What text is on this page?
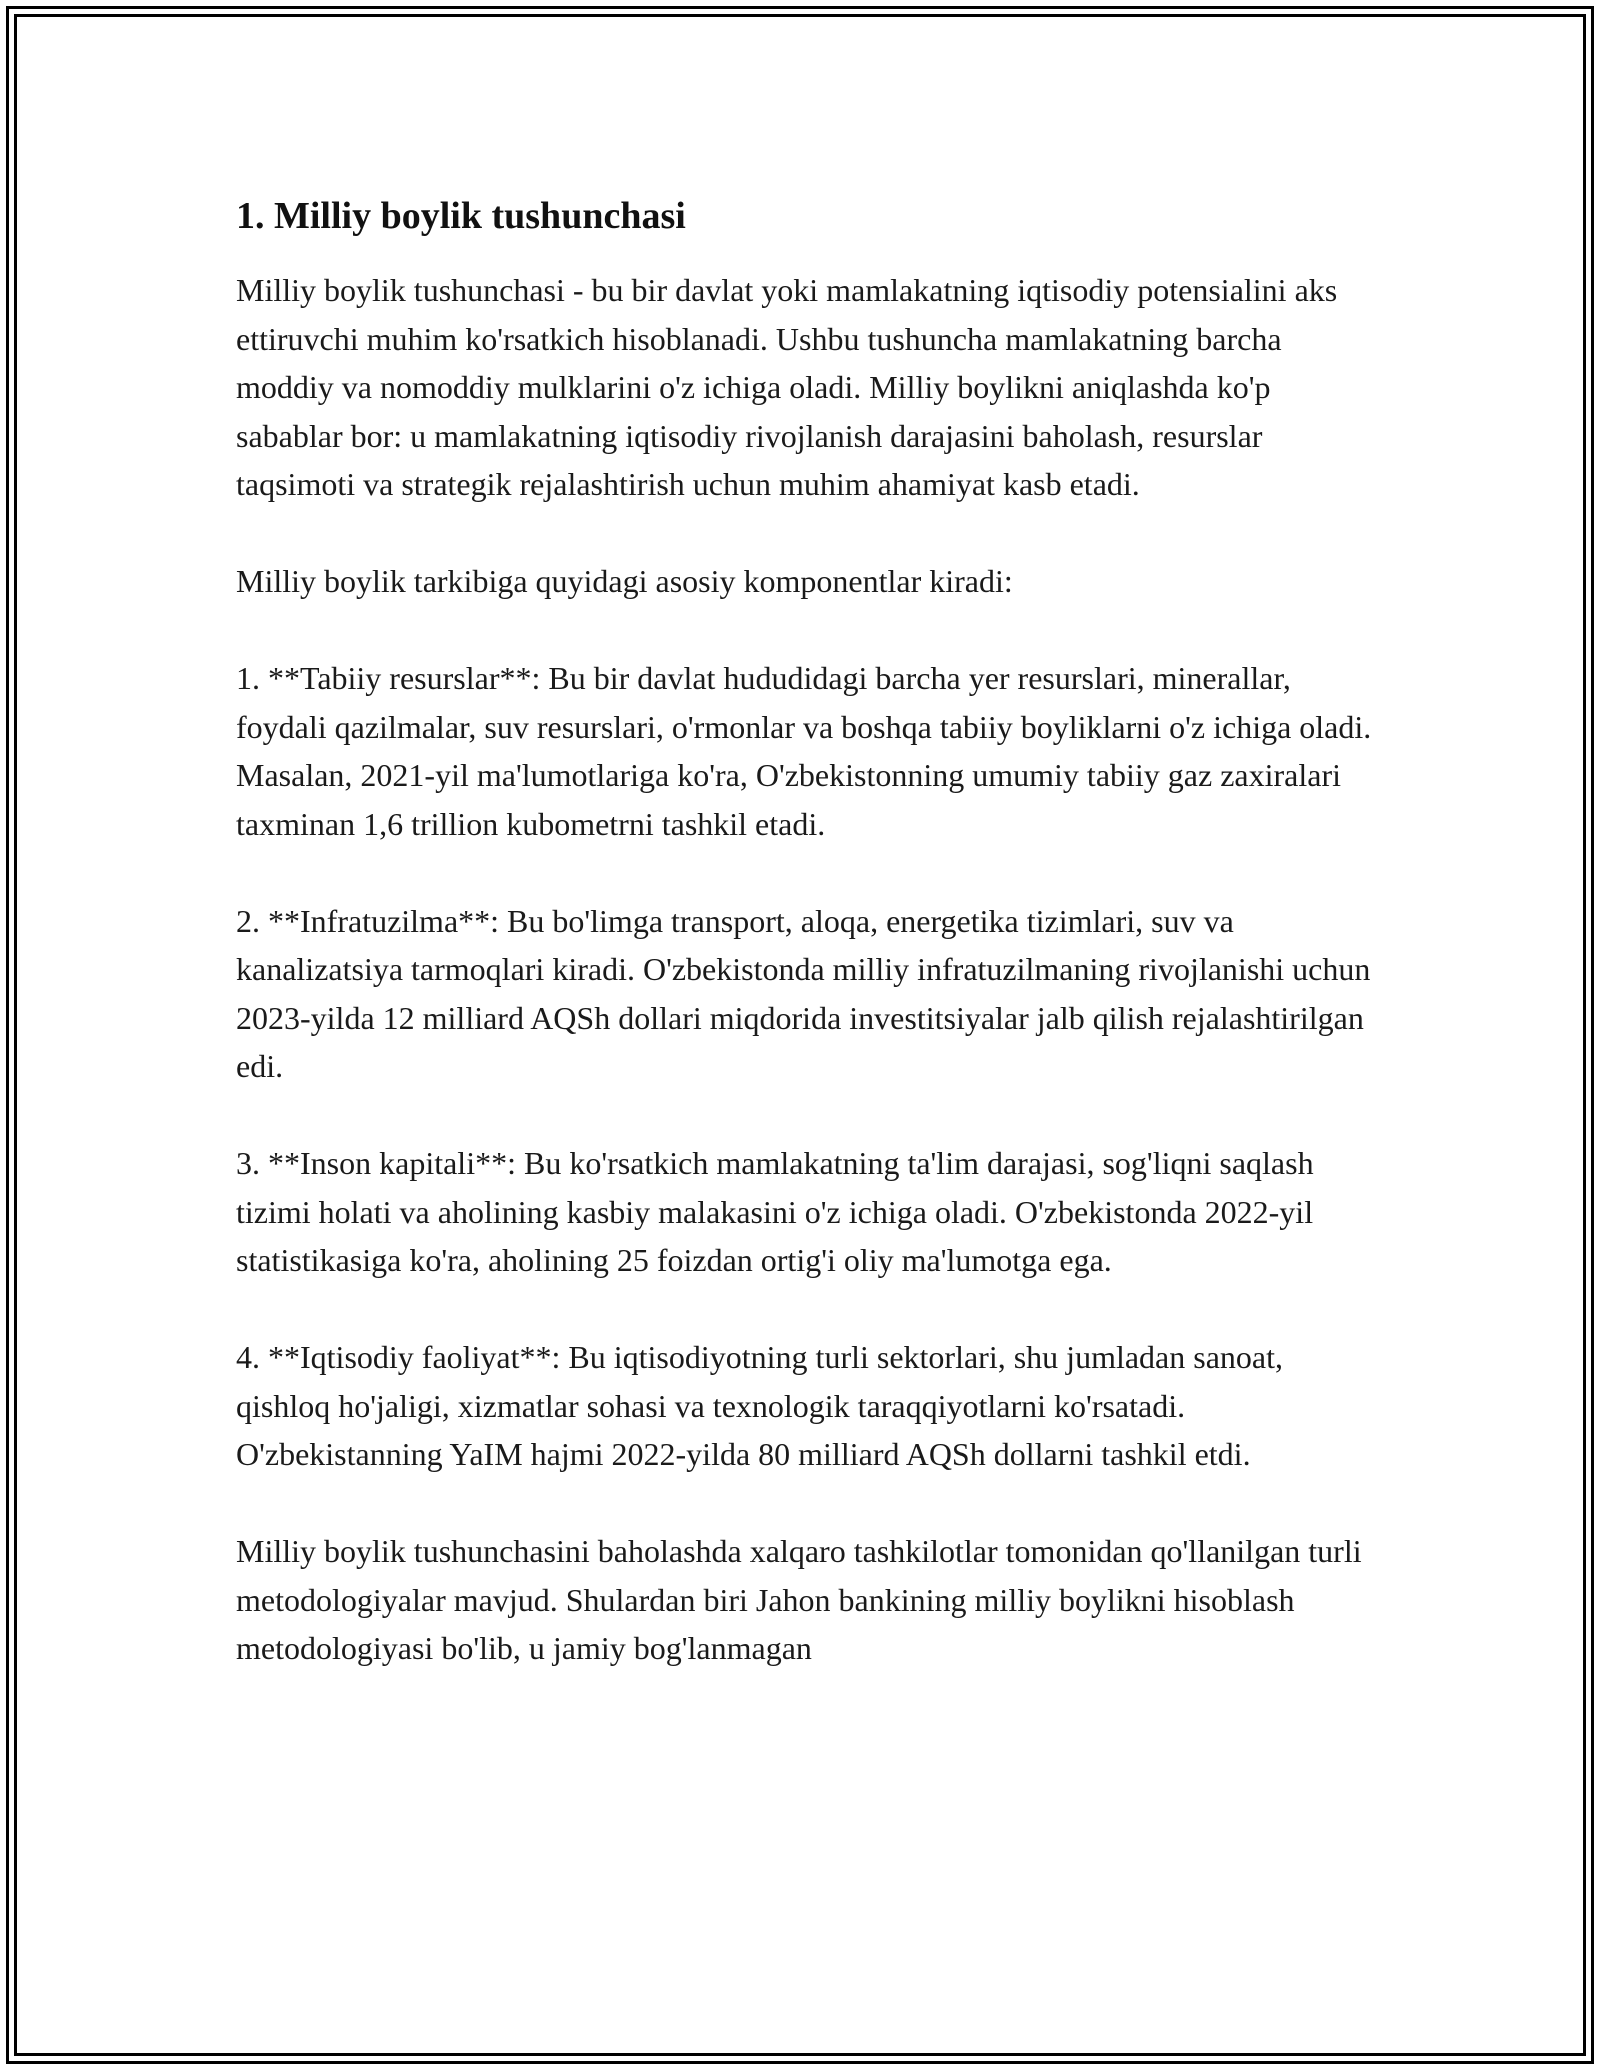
1. Milliy boylik tushunchasi

Milliy boylik tushunchasi - bu bir davlat yoki mamlakatning iqtisodiy potensialini aks ettiruvchi muhim ko'rsatkich hisoblanadi. Ushbu tushuncha mamlakatning barcha moddiy va nomoddiy mulklarini o'z ichiga oladi. Milliy boylikni aniqlashda ko'p sabablar bor: u mamlakatning iqtisodiy rivojlanish darajasini baholash, resurslar taqsimoti va strategik rejalashtirish uchun muhim ahamiyat kasb etadi.

Milliy boylik tarkibiga quyidagi asosiy komponentlar kiradi:

1. **Tabiiy resurslar**: Bu bir davlat hududidagi barcha yer resurslari, minerallar, foydali qazilmalar, suv resurslari, o'rmonlar va boshqa tabiiy boyliklarni o'z ichiga oladi. Masalan, 2021-yil ma'lumotlariga ko'ra, O'zbekistonning umumiy tabiiy gaz zaxiralari taxminan 1,6 trillion kubometrni tashkil etadi.

2. **Infratuzilma**: Bu bo'limga transport, aloqa, energetika tizimlari, suv va kanalizatsiya tarmoqlari kiradi. O'zbekistonda milliy infratuzilmaning rivojlanishi uchun 2023-yilda 12 milliard AQSh dollari miqdorida investitsiyalar jalb qilish rejalashtirilgan edi.

3. **Inson kapitali**: Bu ko'rsatkich mamlakatning ta'lim darajasi, sog'liqni saqlash tizimi holati va aholining kasbiy malakasini o'z ichiga oladi. O'zbekistonda 2022-yil statistikasiga ko'ra, aholining 25 foizdan ortig'i oliy ma'lumotga ega.

4. **Iqtisodiy faoliyat**: Bu iqtisodiyotning turli sektorlari, shu jumladan sanoat, qishloq ho'jaligi, xizmatlar sohasi va texnologik taraqqiyotlarni ko'rsatadi. O'zbekistanning YaIM hajmi 2022-yilda 80 milliard AQSh dollarni tashkil etdi.

Milliy boylik tushunchasini baholashda xalqaro tashkilotlar tomonidan qo'llanilgan turli metodologiyalar mavjud. Shulardan biri Jahon bankining milliy boylikni hisoblash metodologiyasi bo'lib, u jamiy bog'lanmagan
